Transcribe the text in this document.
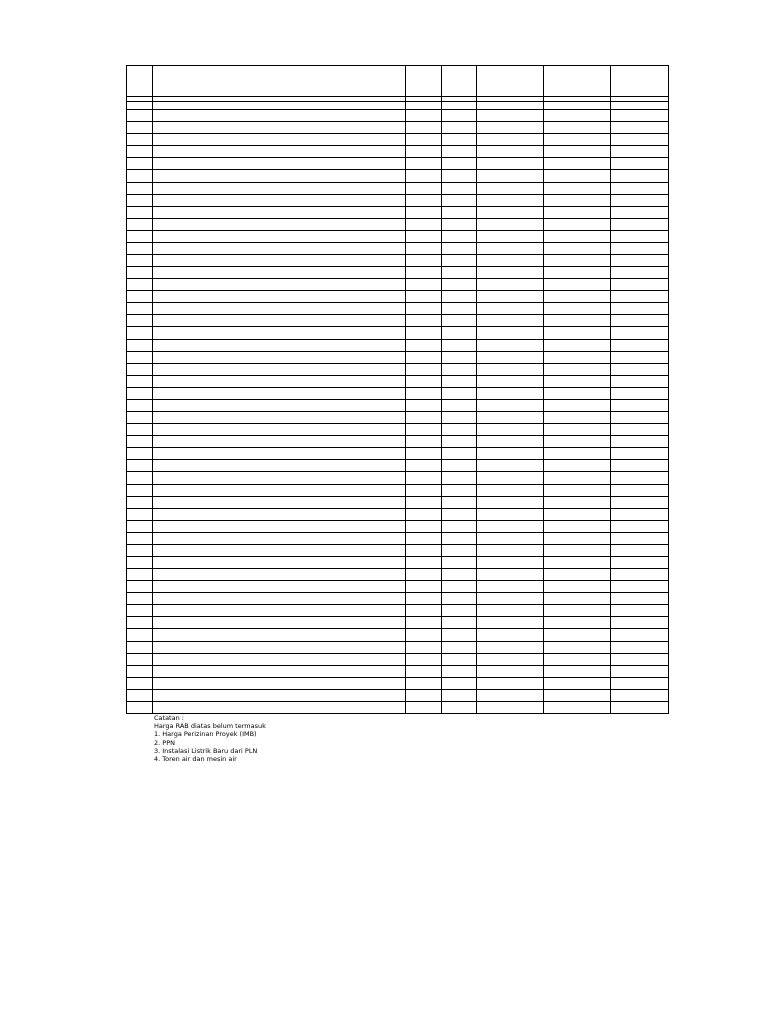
Catatan :
Harga RAB diatas belum termasuk
1. Harga Perizinan Proyek (IMB)
2. PPN
3. Instalasi Listrik Baru dari PLN
4. Toren air dan mesin air
